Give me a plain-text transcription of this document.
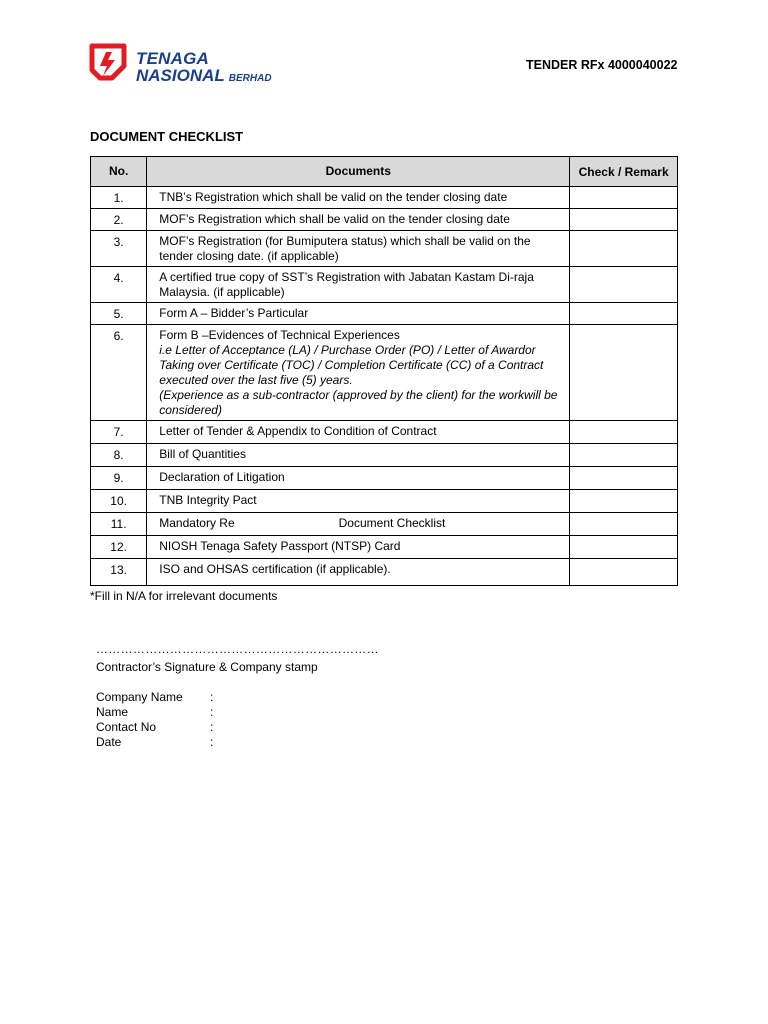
TENAGA
NASIONAL BERHAD
TENDER RFx 4000040022
DOCUMENT CHECKLIST
No.	Documents	Check / Remark
1.	TNB’s Registration which shall be valid on the tender closing date	
2.	MOF’s Registration which shall be valid on the tender closing date	
3.	MOF’s Registration (for Bumiputera status) which shall be valid on the tender closing date. (if applicable)	
4.	A certified true copy of SST’s Registration with Jabatan Kastam Di-raja Malaysia. (if applicable)	
5.	Form A – Bidder’s Particular	
6.	Form B –Evidences of Technical Experiences
i.e Letter of Acceptance (LA) / Purchase Order (PO) / Letter of Awardor Taking over Certificate (TOC) / Completion Certificate (CC) of a Contract executed over the last five (5) years.
(Experience as a sub-contractor (approved by the client) for the workwill be considered)	

7.	Letter of Tender & Appendix to Condition of Contract	
8.	Bill of Quantities	
9.	Declaration of Litigation	
10.	TNB Integrity Pact	
11.	Mandatory Re Document Checklist	
12.	NIOSH Tenaga Safety Passport (NTSP) Card	
13.	ISO and OHSAS certification (if applicable).	
*Fill in N/A for irrelevant documents
……………………………………………………………
Contractor’s Signature & Company stamp
Company Name :
Name	:
Contact No	:
Date	:
